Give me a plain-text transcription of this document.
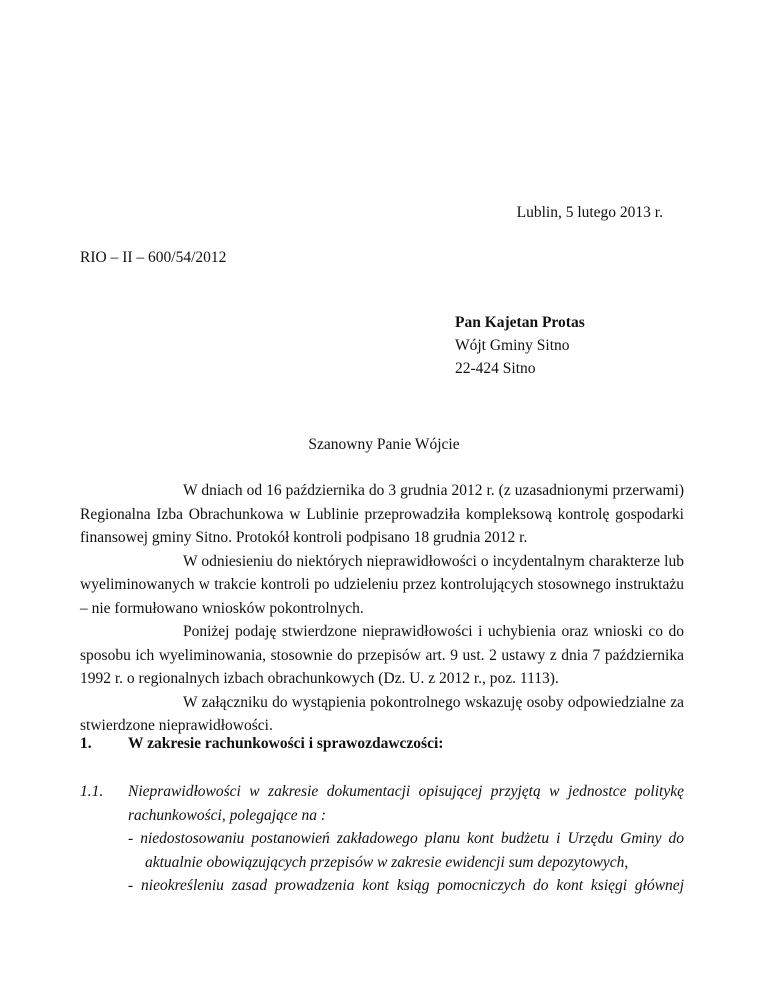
Lublin, 5 lutego 2013 r.
RIO – II – 600/54/2012
Pan Kajetan Protas
Wójt Gminy Sitno
22-424 Sitno
Szanowny Panie Wójcie

W dniach od 16 października do 3 grudnia 2012 r. (z uzasadnionymi przerwami) Regionalna Izba Obrachunkowa w Lublinie przeprowadziła kompleksową kontrolę gospodarki finansowej gminy Sitno. Protokół kontroli podpisano 18 grudnia 2012 r.

W odniesieniu do niektórych nieprawidłowości o incydentalnym charakterze lub wyeliminowanych w trakcie kontroli po udzieleniu przez kontrolujących stosownego instruktażu – nie formułowano wniosków pokontrolnych.

Poniżej podaję stwierdzone nieprawidłowości i uchybienia oraz wnioski co do sposobu ich wyeliminowania, stosownie do przepisów art. 9 ust. 2 ustawy z dnia 7 października 1992 r. o regionalnych izbach obrachunkowych (Dz. U. z 2012 r., poz. 1113).

W załączniku do wystąpienia pokontrolnego wskazuję osoby odpowiedzialne za stwierdzone nieprawidłowości.

1. W zakresie rachunkowości i sprawozdawczości:
1.1. Nieprawidłowości w zakresie dokumentacji opisującej przyjętą w jednostce politykę rachunkowości, polegające na :
- niedostosowaniu postanowień zakładowego planu kont budżetu i Urzędu Gminy do aktualnie obowiązujących przepisów w zakresie ewidencji sum depozytowych,
- nieokreśleniu zasad prowadzenia kont ksiąg pomocniczych do kont księgi głównej
